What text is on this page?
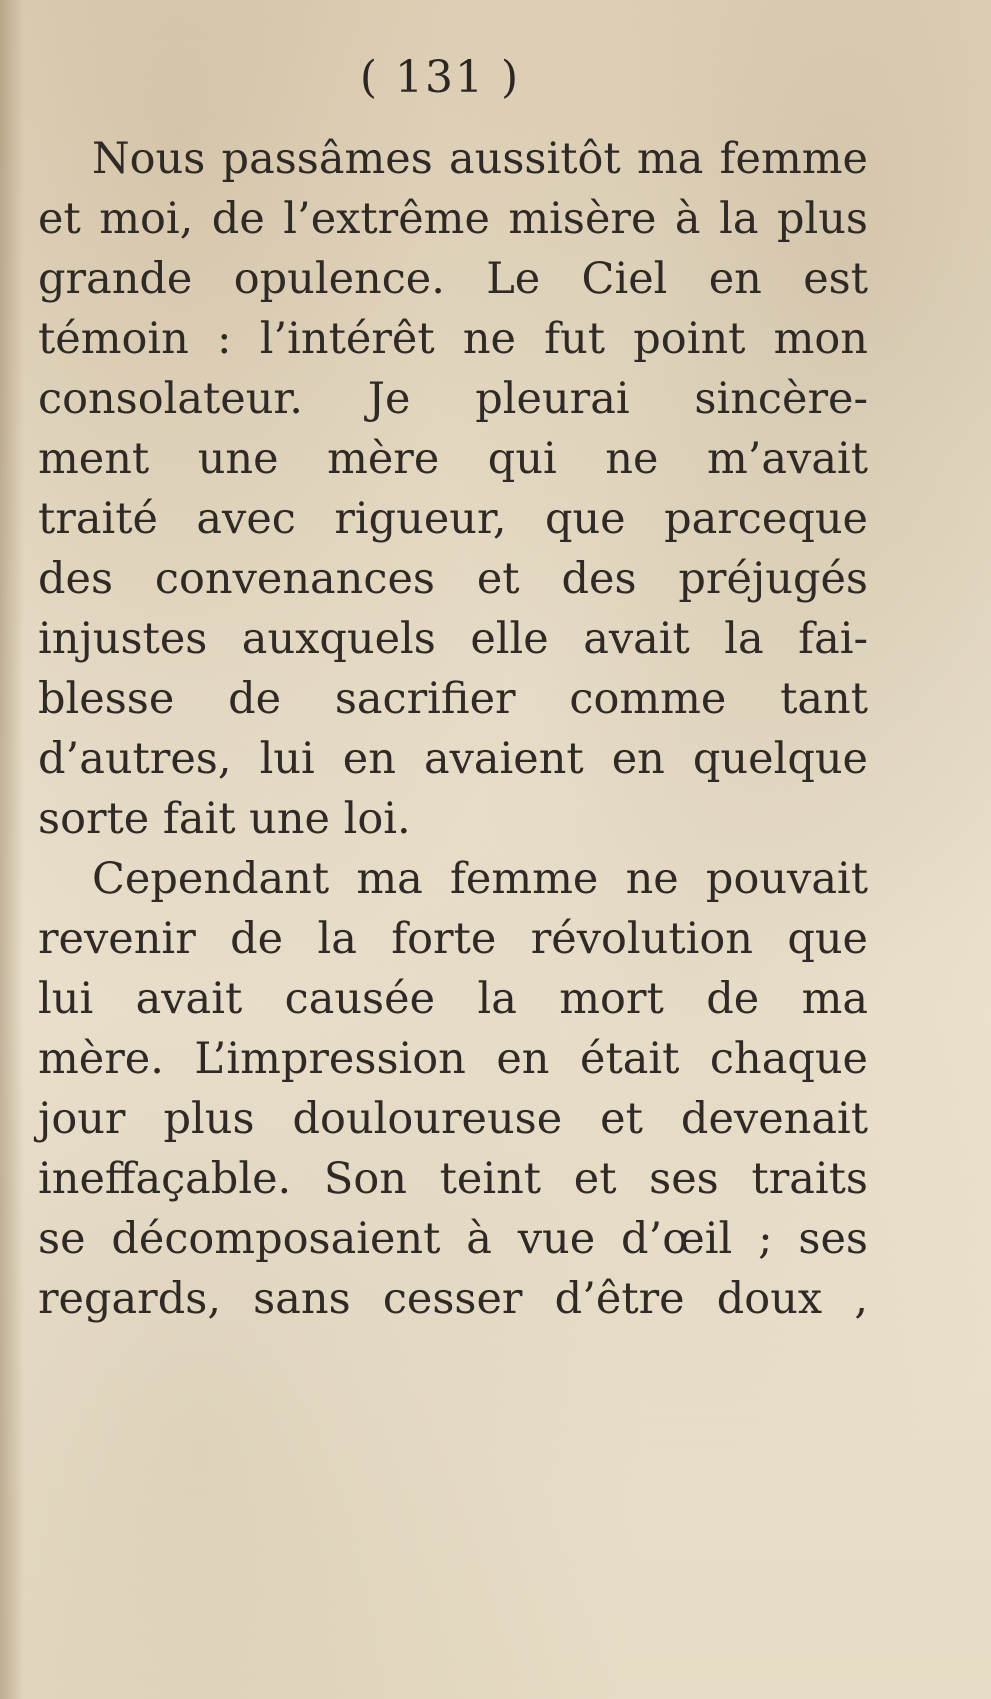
( 131 )
Nous passâmes aussitôt ma femme
et moi, de l’extrême misère à la plus
grande opulence. Le Ciel en est
témoin : l’intérêt ne fut point mon
consolateur. Je pleurai sincère-
ment une mère qui ne m’avait
traité avec rigueur, que parceque
des convenances et des préjugés
injustes auxquels elle avait la fai-
blesse de sacrifier comme tant
d’autres, lui en avaient en quelque
sorte fait une loi.
Cependant ma femme ne pouvait
revenir de la forte révolution que
lui avait causée la mort de ma
mère. L’impression en était chaque
jour plus douloureuse et devenait
ineffaçable. Son teint et ses traits
se décomposaient à vue d’œil ; ses
regards, sans cesser d’être doux ,
